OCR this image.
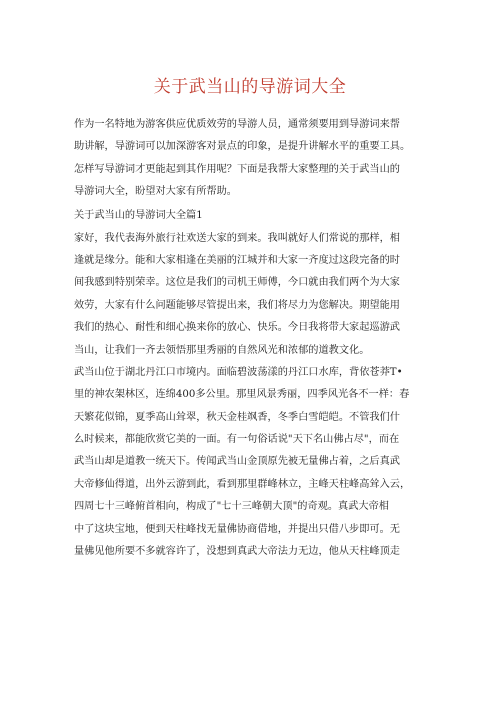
关于武当山的导游词大全
作为一名特地为游客供应优质效劳的导游人员，通常须要用到导游词来帮
助讲解，导游词可以加深游客对景点的印象，是提升讲解水平的重要工具。
怎样写导游词才更能起到其作用呢？下面是我帮大家整理的关于武当山的
导游词大全，盼望对大家有所帮助。
关于武当山的导游词大全篇1
家好，我代表海外旅行社欢送大家的到来。我叫就好人们常说的那样，相
逢就是缘分。能和大家相逢在美丽的江城并和大家一齐度过这段完备的时
间我感到特别荣幸。这位是我们的司机王师傅，今口就由我们两个为大家
效劳，大家有什么问题能够尽管提出来，我们将尽力为您解决。期望能用
我们的热心、耐性和细心换来你的放心、快乐。今日我将带大家起巡游武
当山，让我们一齐去领悟那里秀丽的自然风光和浓郁的道教文化。
武当山位于湖北丹江口市境内。面临碧波荡漾的丹江口水库，背依苍莽T•
里的神农架林区，连绵400多公里。那里风景秀丽，四季风光各不一样：春
天繁花似锦，夏季高山耸翠，秋天金桂飒香，冬季白雪皑皑。不管我们什
么时候来，都能欣赏它美的一面。有一句俗话说"天下名山佛占尽"，而在
武当山却是道教一统天下。传闻武当山金顶原先被无量佛占着，之后真武
大帝修仙得道，出外云游到此，看到那里群峰林立，主峰天柱峰高耸入云，
四周七十三峰俯首相向，构成了"七十三峰朝大顶"的奇观。真武大帝相
中了这块宝地，便到天柱峰找无量佛协商借地，并提出只借八步即可。无
量佛见他所要不多就容许了，没想到真武大帝法力无边，他从天柱峰顶走
